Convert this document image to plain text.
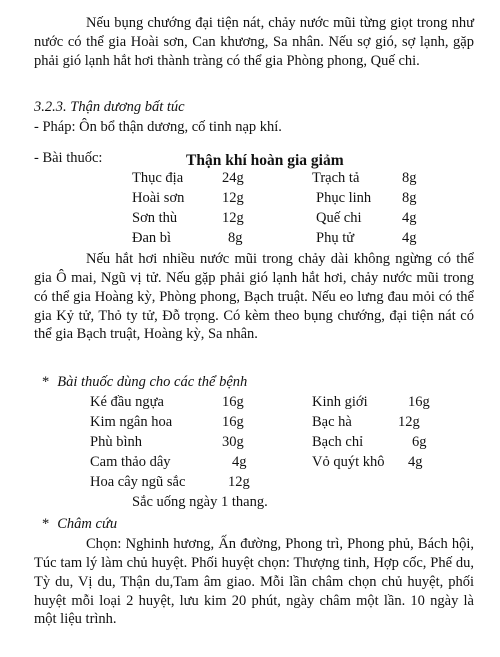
Nếu bụng chướng đại tiện nát, chảy nước mũi từng giọt trong như nước có thể gia Hoài sơn, Can khương, Sa nhân. Nếu sợ gió, sợ lạnh, gặp phải gió lạnh hắt hơi thành tràng có thể gia Phòng phong, Quế chi.
3.2.3. Thận dương bất túc
- Pháp: Ôn bổ thận dương, cố tinh nạp khí.
- Bài thuốc:	Thận khí hoàn gia giảm
Thục địa	24g	Trạch tả	8g
Hoài sơn	12g	Phục linh 8g
Sơn thù	12g	Quế chi	4g
Đan bì	8g	Phụ tử	4g
Nếu hắt hơi nhiều nước mũi trong chảy dài không ngừng có thể gia Ô mai, Ngũ vị tử. Nếu gặp phải gió lạnh hắt hơi, chảy nước mũi trong có thể gia Hoàng kỳ, Phòng phong, Bạch truật. Nếu eo lưng đau mỏi có thể gia Kỷ tử, Thỏ ty tử, Đỗ trọng. Có kèm theo bụng chướng, đại tiện nát có thể gia Bạch truật, Hoàng kỳ, Sa nhân.
* Bài thuốc dùng cho các thể bệnh
Ké đầu ngựa	16g	Kinh giới	16g
Kim ngân hoa	16g	Bạc hà	12g
Phù bình	30g	Bạch chỉ	6g
Cam thảo dây	4g	Vỏ quýt khô 4g
Hoa cây ngũ sắc	12g
Sắc uống ngày 1 thang.
* Châm cứu
Chọn: Nghinh hương, Ấn đường, Phong trì, Phong phủ, Bách hội, Túc tam lý làm chủ huyệt. Phối huyệt chọn: Thượng tinh, Hợp cốc, Phế du, Tỳ du, Vị du, Thận du,Tam âm giao. Mỗi lần châm chọn chủ huyệt, phối huyệt mỗi loại 2 huyệt, lưu kim 20 phút, ngày châm một lần. 10 ngày là một liệu trình.
